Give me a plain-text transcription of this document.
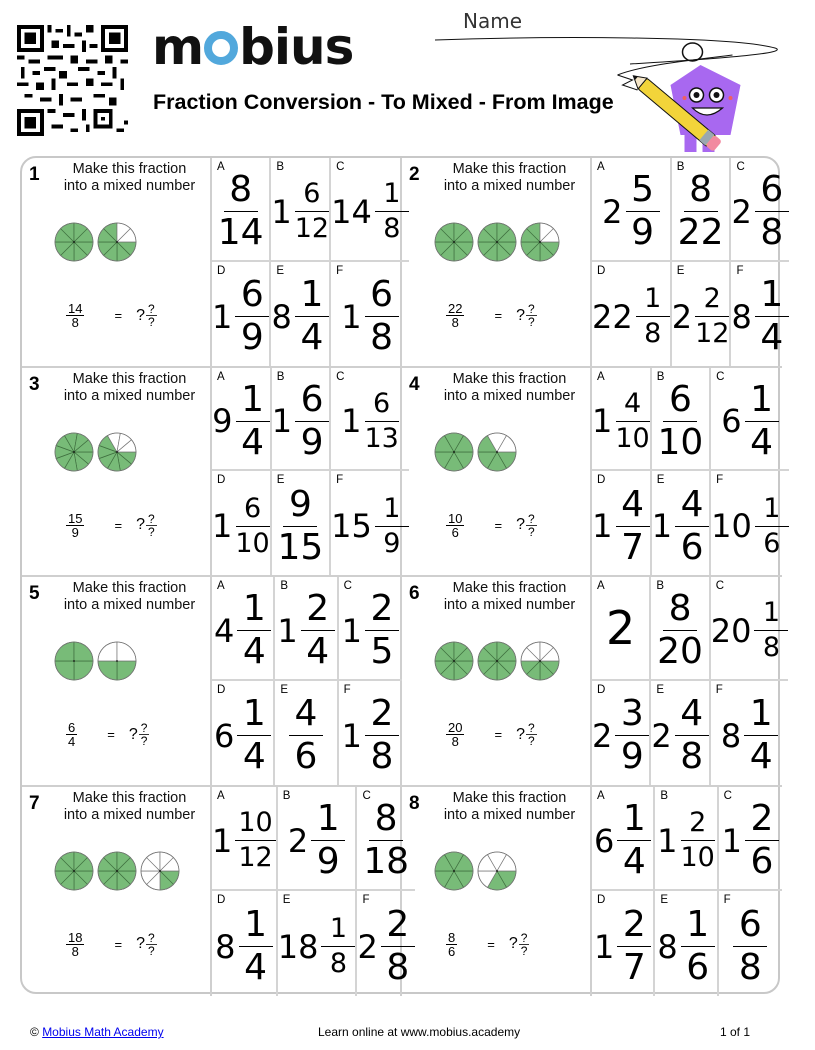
m bius
Fraction Conversion - To Mixed - From Image
Name
1	Make this fraction into a mixed number
$\frac{14}{8}$ = ? $\frac{?}{?}$
A
8
14
B
1 6
12
C
14 1
8
D
1
6
9
E
8
1
4
F
1
6
8
2	Make this fraction into a mixed number
$\frac{22}{8}$ = ? $\frac{?}{?}$
A
2
5
9
B
8
22
C
2
6
8
D
22 1
8
E
2 2
12
F
8
1
4
3	Make this fraction into a mixed number
$\frac{15}{9}$ = ? $\frac{?}{?}$
A
9
1
4
B
1
6
9
C
1 6
13
D
1 6
10
E
9
15
F
15 1
9
4	Make this fraction into a mixed number
$\frac{10}{6}$ = ? $\frac{?}{?}$
A
1 4
10
B
6
10
C
6
1
4
D
1
4
7
E
1
4
6
F
10 1
6
5	Make this fraction into a mixed number
$\frac{6}{4}$ = ? $\frac{?}{?}$
A
4
1
4
B
1
2
4
C
1
2
5
D
6
1
4
E
4
6
F
1
2
8
6	Make this fraction into a mixed number
$\frac{20}{8}$ = ? $\frac{?}{?}$
A
2
B
8
20
C
20 1
8
D
2
3
9
E
2
4
8
F
8
1
4
7	Make this fraction into a mixed number
$\frac{18}{8}$ = ? $\frac{?}{?}$
A
1 10
12
B
2
1
9
C
8
18
D
8
1
4
E
18 1
8
F
2
2
8
8	Make this fraction into a mixed number
$\frac{8}{6}$ = ? $\frac{?}{?}$
A
6
1
4
B
1 2
10
C
1
2
6
D
1
2
7
E
8
1
6
F
6
8
© Mobius Math Academy	Learn online at www.mobius.academy	1 of 1
